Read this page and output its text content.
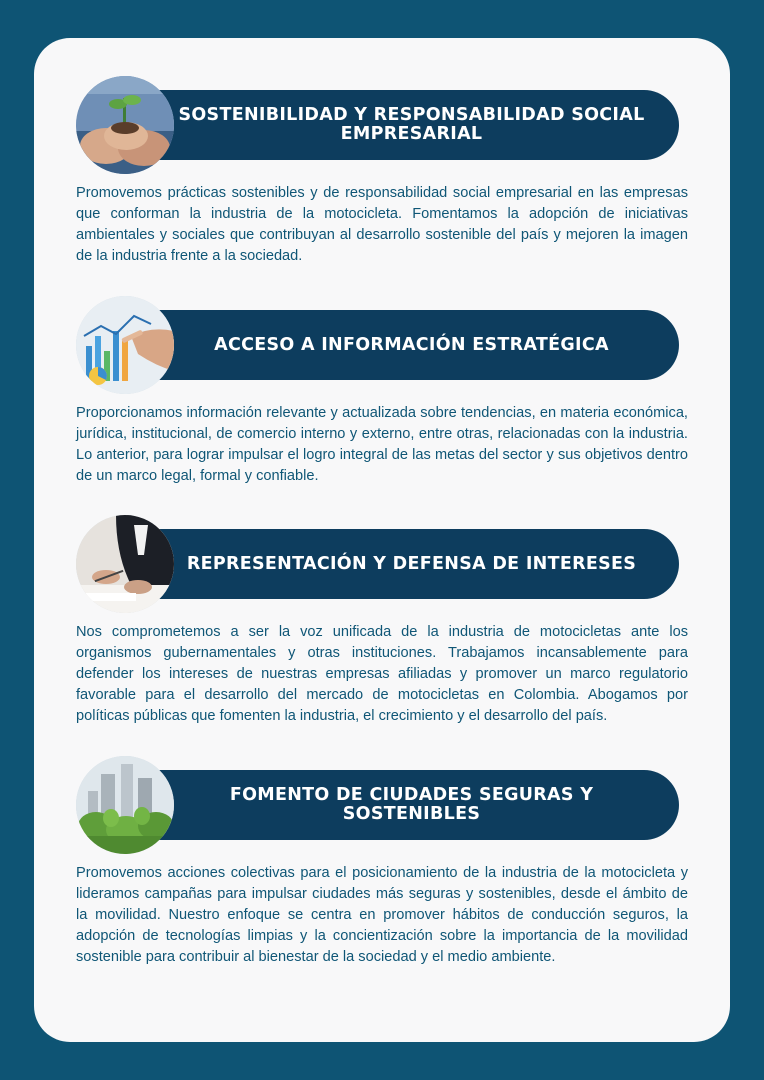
SOSTENIBILIDAD Y RESPONSABILIDAD SOCIAL EMPRESARIAL
Promovemos prácticas sostenibles y de responsabilidad social empresarial en las empresas que conforman la industria de la motocicleta. Fomentamos la adopción de iniciativas ambientales y sociales que contribuyan al desarrollo sostenible del país y mejoren la imagen de la industria frente a la sociedad.
ACCESO A INFORMACIÓN ESTRATÉGICA
Proporcionamos información relevante y actualizada sobre tendencias, en materia económica, jurídica, institucional, de comercio interno y externo, entre otras, relacionadas con la industria. Lo anterior, para lograr impulsar el logro integral de las metas del sector y sus objetivos dentro de un marco legal, formal y confiable.
REPRESENTACIÓN Y DEFENSA DE INTERESES
Nos comprometemos a ser la voz unificada de la industria de motocicletas ante los organismos gubernamentales y otras instituciones. Trabajamos incansablemente para defender los intereses de nuestras empresas afiliadas y promover un marco regulatorio favorable para el desarrollo del mercado de motocicletas en Colombia. Abogamos por políticas públicas que fomenten la industria, el crecimiento y el desarrollo del país.
FOMENTO DE CIUDADES SEGURAS Y SOSTENIBLES
Promovemos acciones colectivas para el posicionamiento de la industria de la motocicleta y lideramos campañas para impulsar ciudades más seguras y sostenibles, desde el ámbito de la movilidad. Nuestro enfoque se centra en promover hábitos de conducción seguros, la adopción de tecnologías limpias y la concientización sobre la importancia de la movilidad sostenible para contribuir al bienestar de la sociedad y el medio ambiente.
